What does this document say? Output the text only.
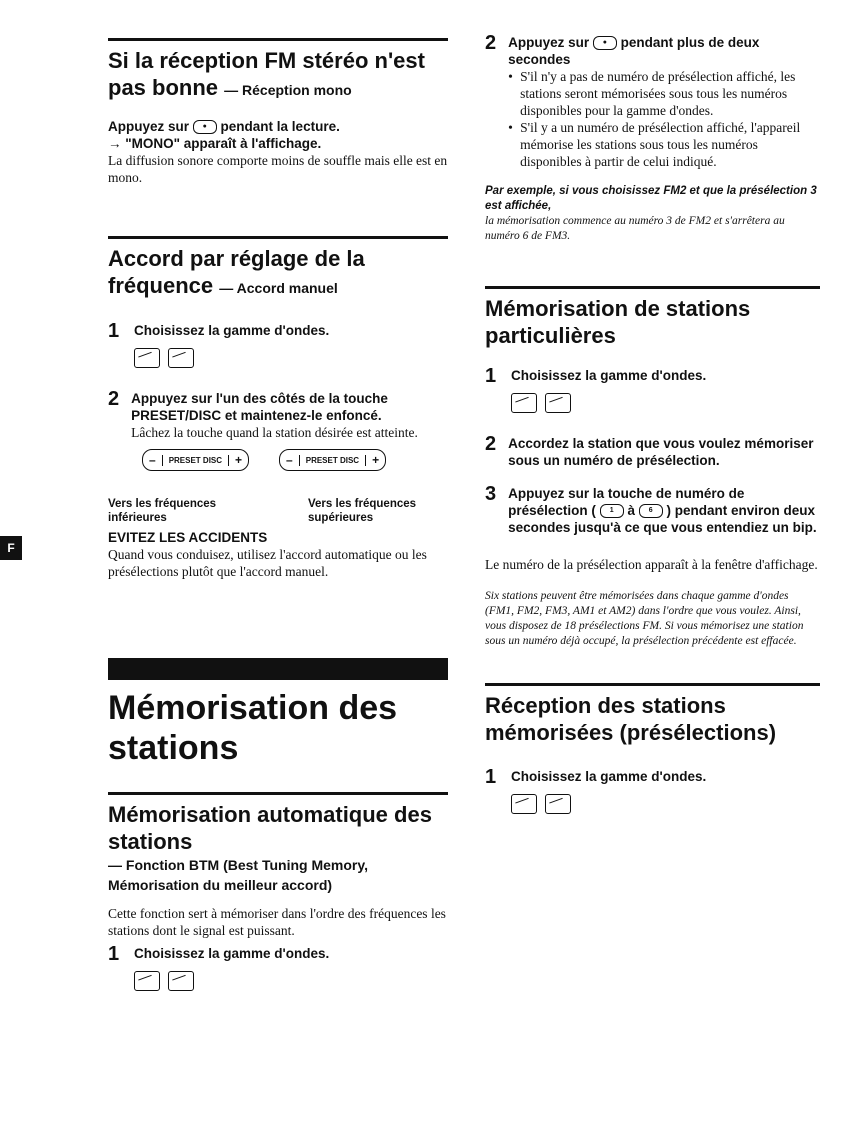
F
Si la réception FM stéréo n'est pas bonne — Réception mono
Appuyez sur ● pendant la lecture.
→ "MONO" apparaît à l'affichage.
La diffusion sonore comporte moins de souffle mais elle est en mono.
Accord par réglage de la fréquence — Accord manuel
1 Choisissez la gamme d'ondes.
2 Appuyez sur l'un des côtés de la touche PRESET/DISC et maintenez-le enfoncé.
Lâchez la touche quand la station désirée est atteinte.
–	PRESET DISC	+	–	PRESET DISC	+
Vers les fréquences inférieures
Vers les fréquences supérieures
EVITEZ LES ACCIDENTS
Quand vous conduisez, utilisez l'accord automatique ou les présélections plutôt que l'accord manuel.
Mémorisation des stations
Mémorisation automatique des stations
— Fonction BTM (Best Tuning Memory, Mémorisation du meilleur accord)
Cette fonction sert à mémoriser dans l'ordre des fréquences les stations dont le signal est puissant.
1 Choisissez la gamme d'ondes.
2 Appuyez sur ● pendant plus de deux secondes
• S'il n'y a pas de numéro de présélection affiché, les stations seront mémorisées sous tous les numéros disponibles pour la gamme d'ondes.
• S'il y a un numéro de présélection affiché, l'appareil mémorise les stations sous tous les numéros disponibles à partir de celui indiqué.
Par exemple, si vous choisissez FM2 et que la présélection 3 est affichée,
la mémorisation commence au numéro 3 de FM2 et s'arrêtera au numéro 6 de FM3.
Mémorisation de stations particulières
1 Choisissez la gamme d'ondes.
2 Accordez la station que vous voulez mémoriser sous un numéro de présélection.
3 Appuyez sur la touche de numéro de présélection ( 1 à 6 ) pendant environ deux secondes jusqu'à ce que vous entendiez un bip.
Le numéro de la présélection apparaît à la fenêtre d'affichage.
Six stations peuvent être mémorisées dans chaque gamme d'ondes (FM1, FM2, FM3, AM1 et AM2) dans l'ordre que vous voulez. Ainsi, vous disposez de 18 présélections FM. Si vous mémorisez une station sous un numéro déjà occupé, la présélection précédente est effacée.
Réception des stations mémorisées (présélections)
1 Choisissez la gamme d'ondes.
